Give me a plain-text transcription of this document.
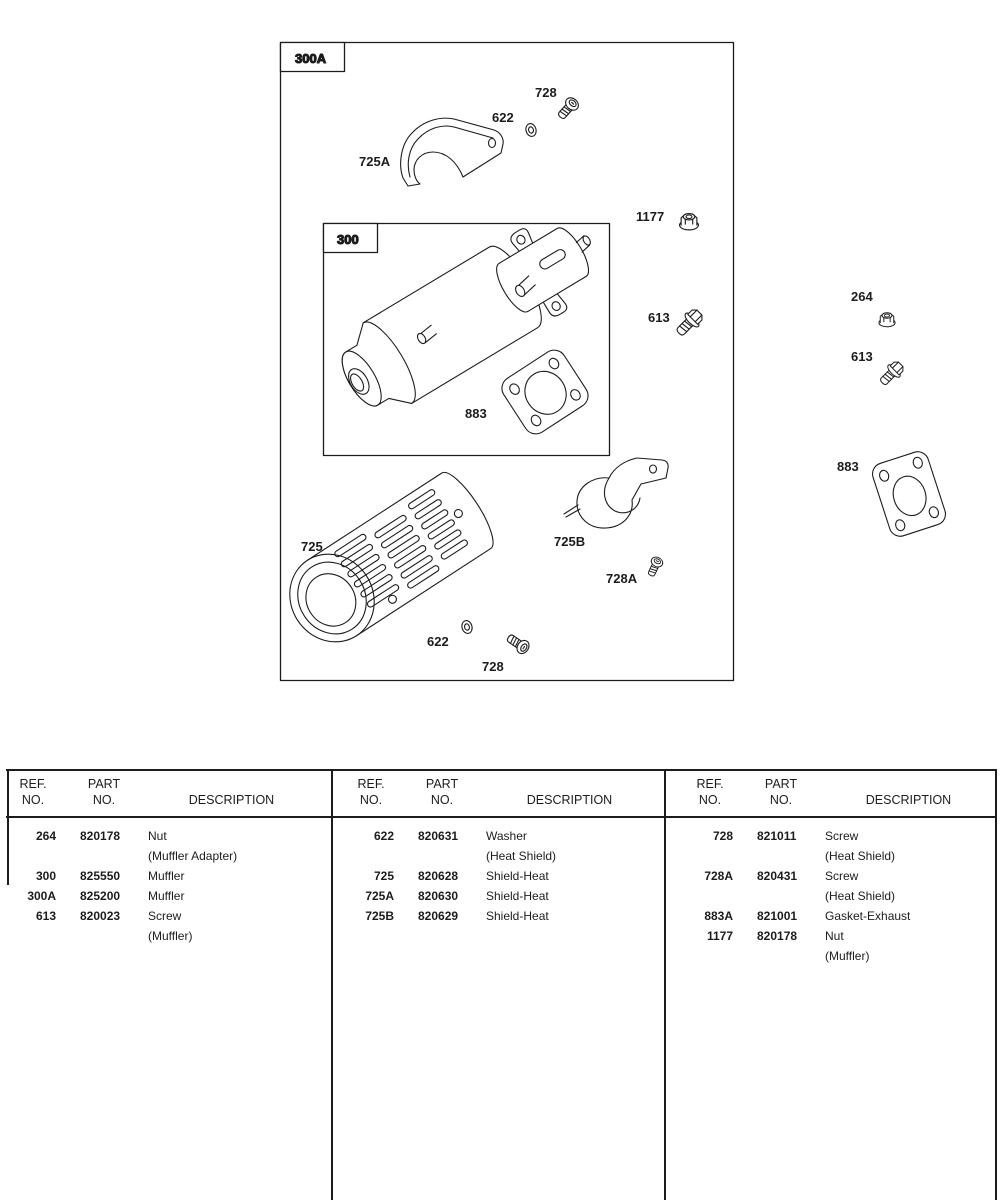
300A
300
728
622
725A
1177
613
883
725	725B
728A
622
728
264
613
883
REF.
NO.
PART
NO.	DESCRIPTION
264	820178	Nut
(Muffler Adapter)
300	825550	Muffler
300A	825200	Muffler
613	820023	Screw
(Muffler)
REF.
NO.
PART
NO.	DESCRIPTION
622	820631	Washer
(Heat Shield)
725	820628	Shield-Heat
725A	820630	Shield-Heat
725B	820629	Shield-Heat
REF.
NO.
PART
NO.	DESCRIPTION
728	821011	Screw
(Heat Shield)
728A	820431	Screw
(Heat Shield)
883A	821001	Gasket-Exhaust
1177	820178	Nut
(Muffler)
